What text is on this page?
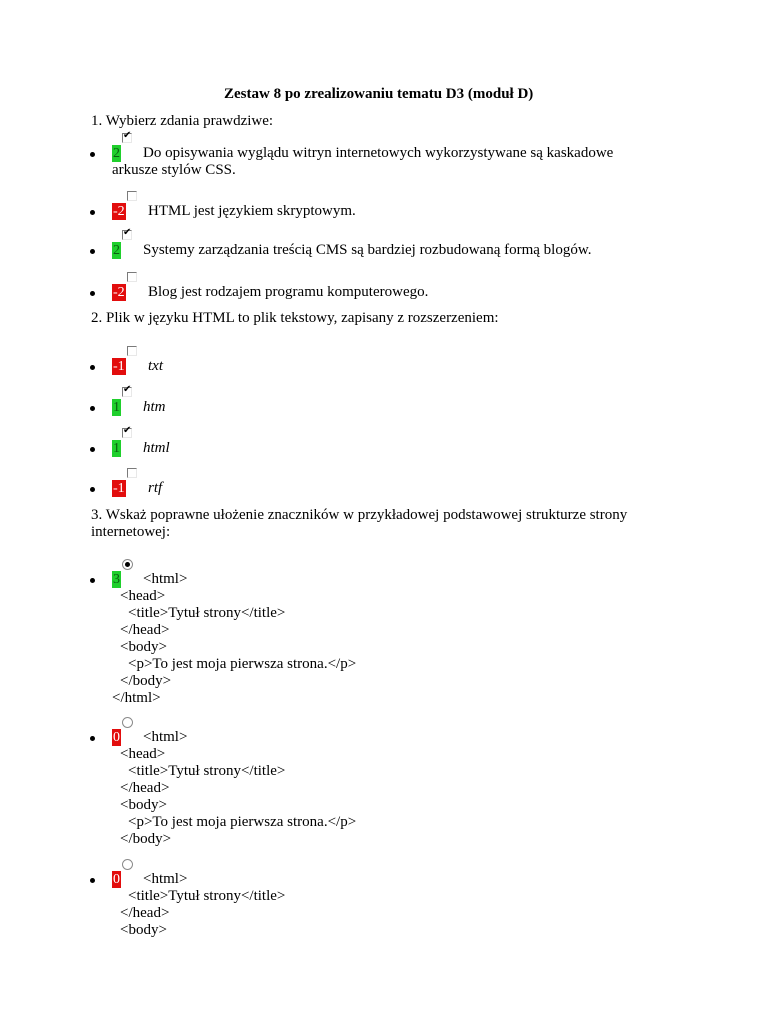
Zestaw 8 po zrealizowaniu tematu D3 (moduł D)
1. Wybierz zdania prawdziwe:
✔
2 Do opisywania wyglądu witryn internetowych wykorzystywane są kaskadowe
arkusze stylów CSS.
-2 HTML jest językiem skryptowym.
✔
2 Systemy zarządzania treścią CMS są bardziej rozbudowaną formą blogów.
-2 Blog jest rodzajem programu komputerowego.
2. Plik w języku HTML to plik tekstowy, zapisany z rozszerzeniem:
-1 txt
✔
1 htm
✔
1 html
-1 rtf
3. Wskaż poprawne ułożenie znaczników w przykładowej podstawowej strukturze strony
internetowej:
3 <html>
<head>
<title>Tytuł strony</title>
</head>
<body>
<p>To jest moja pierwsza strona.</p>
</body>
</html>
0 <html>
<head>
<title>Tytuł strony</title>
</head>
<body>
<p>To jest moja pierwsza strona.</p>
</body>
0 <html>
<title>Tytuł strony</title>
</head>
<body>
